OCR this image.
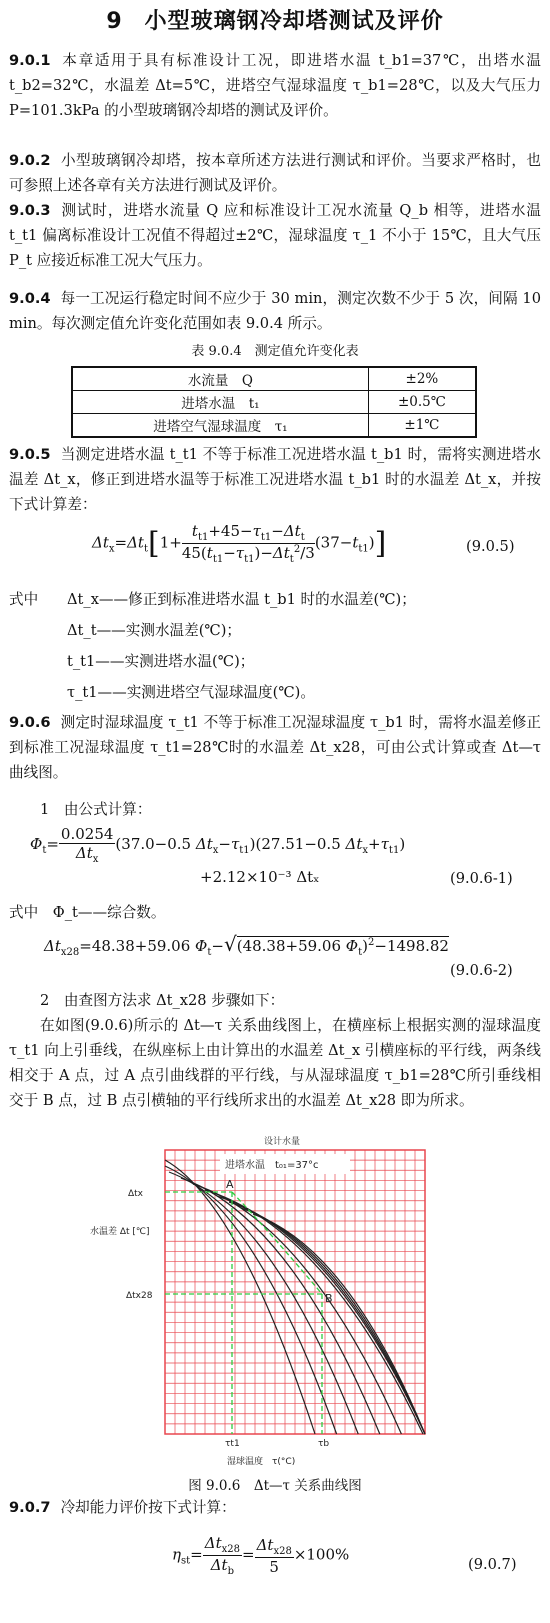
9 小型玻璃钢冷却塔测试及评价
9.0.1 本章适用于具有标准设计工况，即进塔水温 t_b1=37℃，出塔水温 t_b2=32℃，水温差 Δt=5℃，进塔空气湿球温度 τ_b1=28℃，以及大气压力 P=101.3kPa 的小型玻璃钢冷却塔的测试及评价。
9.0.2 小型玻璃钢冷却塔，按本章所述方法进行测试和评价。当要求严格时，也可参照上述各章有关方法进行测试及评价。
9.0.3 测试时，进塔水流量 Q 应和标准设计工况水流量 Q_b 相等，进塔水温 t_t1 偏离标准设计工况值不得超过±2℃，湿球温度 τ_1 不小于 15℃，且大气压 P_t 应接近标准工况大气压力。
9.0.4 每一工况运行稳定时间不应少于 30 min，测定次数不少于 5 次，间隔 10 min。每次测定值允许变化范围如表 9.0.4 所示。
表 9.0.4　测定值允许变化表
水流量　Q	±2%
进塔水温　t₁	±0.5℃
进塔空气湿球温度　τ₁	±1℃
9.0.5 当测定进塔水温 t_t1 不等于标准工况进塔水温 t_b1 时，需将实测进塔水温差 Δt_x，修正到进塔水温等于标准工况进塔水温 t_b1 时的水温差 Δt_x，并按下式计算差：
$\Delta t_x=\Delta t_t[1+ \frac{t_{t1}+45-\tau_{t1}-\Delta t_t}{45(t_{t1}-\tau_{t1})-\Delta t_t^2/3} (37-t_{t1})]$	(9.0.5)
式中 Δt_x——修正到标准进塔水温 t_b1 时的水温差(℃)；
Δt_t——实测水温差(℃)；
t_t1——实测进塔水温(℃)；
τ_t1——实测进塔空气湿球温度(℃)。
9.0.6 测定时湿球温度 τ_t1 不等于标准工况湿球温度 τ_b1 时，需将水温差修正到标准工况湿球温度 τ_t1=28℃时的水温差 Δt_x28，可由公式计算或查 Δt—τ 曲线图。
1　由公式计算：
$\Phi_t= \frac{0.0254}{\Delta t_x} (37.0-0.5$ $\Delta t_x-\tau_{t1})(27.51-0.5$ $\Delta t_x+\tau_{t1}$)
+2.12×10⁻³ Δtₓ	(9.0.6-1)
式中　Φ_t——综合数。
$\Delta t_{x28}=48.38+59.06$ $\Phi_t-√(48.38+59.06$ $\Phi_t)^2-1498.82$
(9.0.6-2)
2　由查图方法求 Δt_x28 步骤如下：
在如图(9.0.6)所示的 Δt—τ 关系曲线图上，在横座标上根据实测的湿球温度 τ_t1 向上引垂线，在纵座标上由计算出的水温差 Δt_x 引横座标的平行线，两条线相交于 A 点，过 A 点引曲线群的平行线，与从湿球温度 τ_b1=28℃所引垂线相交于 B 点，过 B 点引横轴的平行线所求出的水温差 Δt_x28 即为所求。
设计水量
进塔水温　t₀₁=37°c
A
B
Δtx
水温差 Δt [℃]
Δtx28
τt1	τb
湿球温度　τ(°C)
图 9.0.6　Δt—τ 关系曲线图
9.0.7 冷却能力评价按下式计算：
$\eta_{st}= \frac{\Delta t_{x28}}{\Delta t_b} = \frac{\Delta t_{x28}}{5} \times 100\%$
(9.0.7)
